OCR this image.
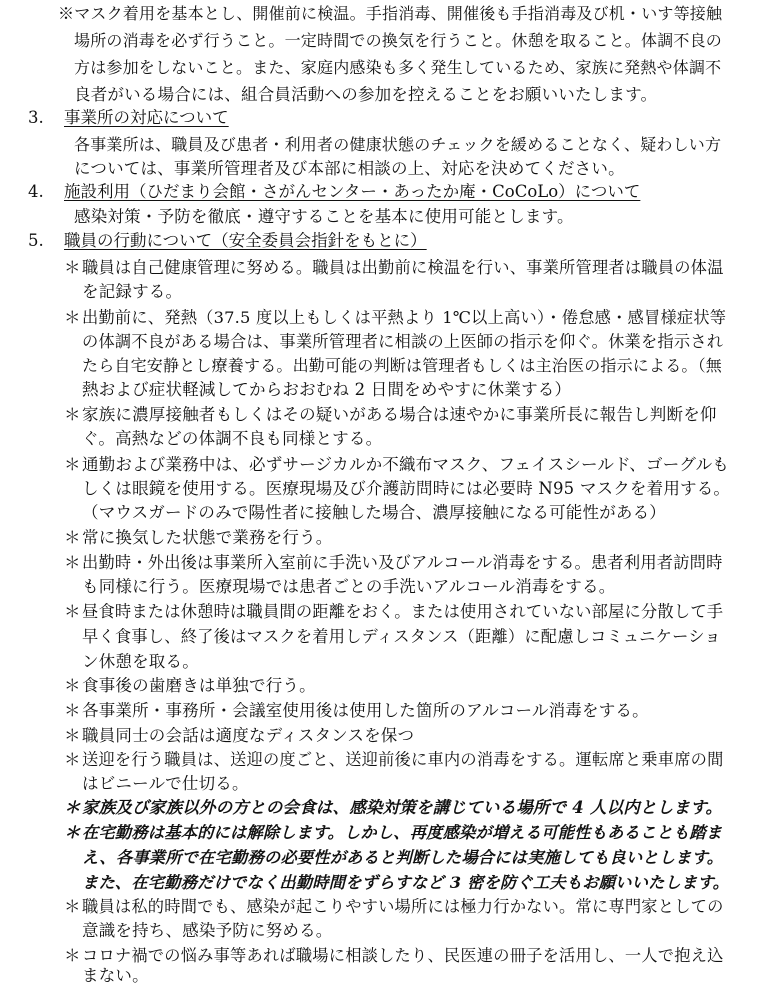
※マスク着用を基本とし、開催前に検温。手指消毒、開催後も手指消毒及び机・いす等接触
場所の消毒を必ず行うこと。一定時間での換気を行うこと。休憩を取ること。体調不良の
方は参加をしないこと。また、家庭内感染も多く発生しているため、家族に発熱や体調不
良者がいる場合には、組合員活動への参加を控えることをお願いいたします。
3. 事業所の対応について
各事業所は、職員及び患者・利用者の健康状態のチェックを緩めることなく、疑わしい方
については、事業所管理者及び本部に相談の上、対応を決めてください。
4. 施設利用（ひだまり会館・さがんセンター・あったか庵・CoCoLo）について
感染対策・予防を徹底・遵守することを基本に使用可能とします。
5. 職員の行動について（安全委員会指針をもとに）
＊ 職員は自己健康管理に努める。職員は出勤前に検温を行い、事業所管理者は職員の体温
を記録する。
＊ 出勤前に、発熱（37.5 度以上もしくは平熱より 1℃以上高い）・倦怠感・感冒様症状等
の体調不良がある場合は、事業所管理者に相談の上医師の指示を仰ぐ。休業を指示され
たら自宅安静とし療養する。出勤可能の判断は管理者もしくは主治医の指示による。（無
熱および症状軽減してからおおむね 2 日間をめやすに休業する）
＊ 家族に濃厚接触者もしくはその疑いがある場合は速やかに事業所長に報告し判断を仰
ぐ。高熱などの体調不良も同様とする。
＊ 通勤および業務中は、必ずサージカルか不織布マスク、フェイスシールド、ゴーグルも
しくは眼鏡を使用する。医療現場及び介護訪問時には必要時 N95 マスクを着用する。
（マウスガードのみで陽性者に接触した場合、濃厚接触になる可能性がある）
＊ 常に換気した状態で業務を行う。
＊ 出勤時・外出後は事業所入室前に手洗い及びアルコール消毒をする。患者利用者訪問時
も同様に行う。医療現場では患者ごとの手洗いアルコール消毒をする。
＊ 昼食時または休憩時は職員間の距離をおく。または使用されていない部屋に分散して手
早く食事し、終了後はマスクを着用しディスタンス（距離）に配慮しコミュニケーショ
ン休憩を取る。
＊ 食事後の歯磨きは単独で行う。
＊ 各事業所・事務所・会議室使用後は使用した箇所のアルコール消毒をする。
＊ 職員同士の会話は適度なディスタンスを保つ
＊ 送迎を行う職員は、送迎の度ごと、送迎前後に車内の消毒をする。運転席と乗車席の間
はビニールで仕切る。
＊ 家族及び家族以外の方との会食は、感染対策を講じている場所で 4 人以内とします。
＊ 在宅勤務は基本的には解除します。しかし、再度感染が増える可能性もあることも踏ま
え、各事業所で在宅勤務の必要性があると判断した場合には実施しても良いとします。
また、在宅勤務だけでなく出勤時間をずらすなど 3 密を防ぐ工夫もお願いいたします。
＊ 職員は私的時間でも、感染が起こりやすい場所には極力行かない。常に専門家としての
意識を持ち、感染予防に努める。
＊ コロナ禍での悩み事等あれば職場に相談したり、民医連の冊子を活用し、一人で抱え込
まない。
